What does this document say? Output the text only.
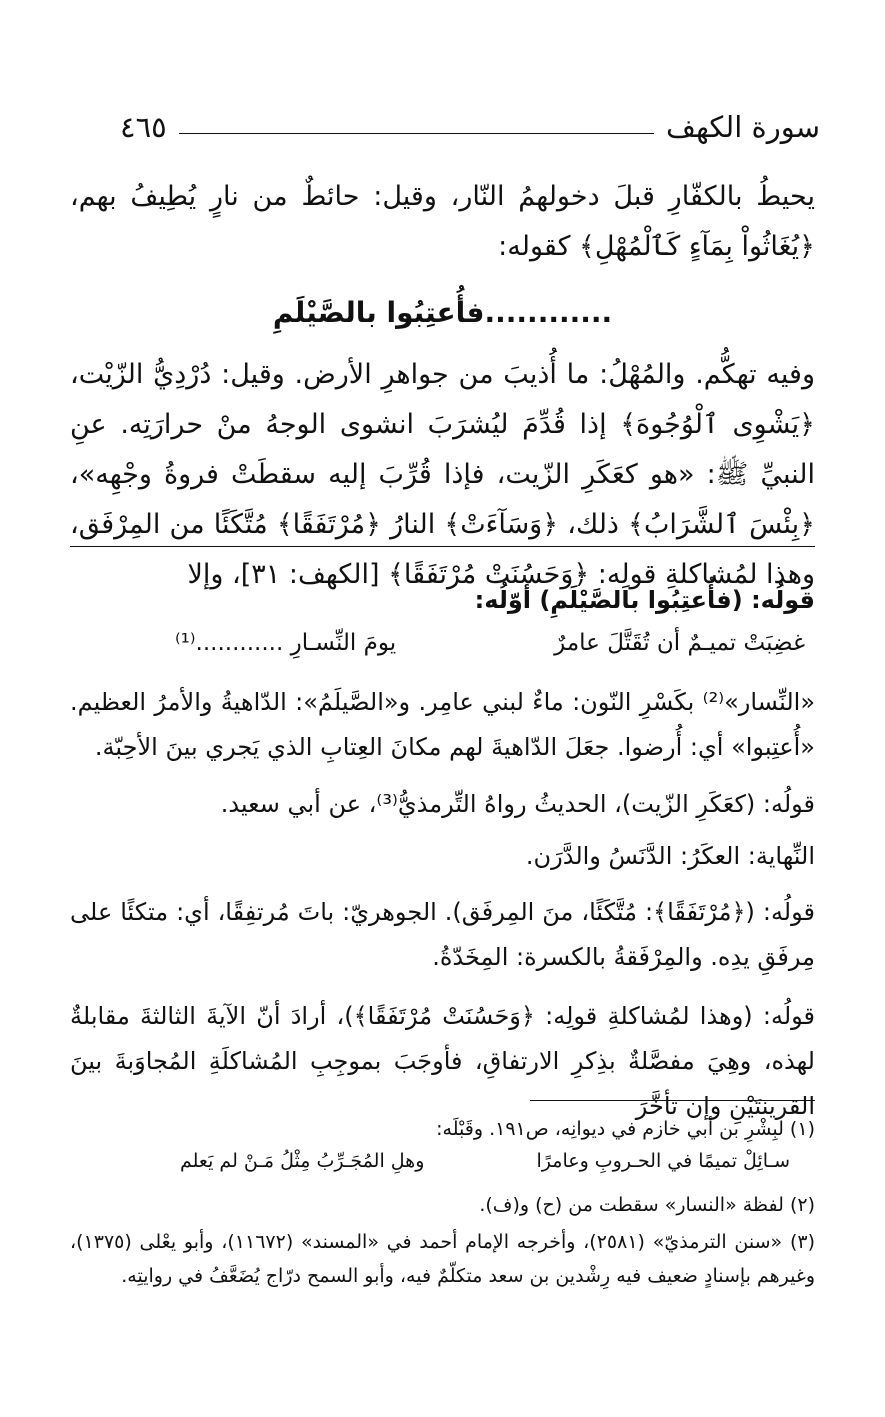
٤٦٥	سورة الكهف
يحيطُ بالكفّارِ قبلَ دخولهمُ النّار، وقيل: حائطٌ من نارٍ يُطِيفُ بهم، ﴿يُغَاثُواْ بِمَآءٍ كَٱلْمُهْلِ﴾ كقوله:
............فأُعتِبُوا بالصَّيْلَمِ
وفيه تهكُّم. والمُهْلُ: ما أُذيبَ من جواهرِ الأرض. وقيل: دُرْدِيُّ الزّيْت، ﴿يَشْوِى ٱلْوُجُوهَ﴾ إذا قُدِّمَ ليُشرَبَ انشوى الوجهُ منْ حرارَتِه. عنِ النبيِّ ﷺ: «هو كعَكَرِ الزّيت، فإذا قُرِّبَ إليه سقطَتْ فروةُ وجْهِه»، ﴿بِئْسَ ٱلشَّرَابُ﴾ ذلك، ﴿وَسَآءَتْ﴾ النارُ ﴿مُرْتَفَقًا﴾ مُتَّكَئًا من المِرْفَق، وهذا لمُشاكلةِ قولِه: ﴿وَحَسُنَتْ مُرْتَفَقًا﴾ [الكهف: ٣١]، وإلا
قولُه: (فأُعتِبُوا بالصَّيْلَمِ) أوّلُه:
غضِبَتْ تميـمٌ أن تُقَتَّلَ عامرٌ
يومَ النِّسـارِ ............⁽¹⁾
«النِّسار»⁽²⁾ بكَسْرِ النّون: ماءٌ لبني عامِر. و«الصَّيلَمُ»: الدّاهيةُ والأمرُ العظيم. «أُعتِبوا» أي: أُرضوا. جعَلَ الدّاهيةَ لهم مكانَ العِتابِ الذي يَجري بينَ الأحِبّة.
قولُه: (كعَكَرِ الزّيت)، الحديثُ رواهُ التِّرمذيُّ⁽³⁾، عن أبي سعيد.
النِّهاية: العكَرُ: الدَّنَسُ والدَّرَن.
قولُه: (﴿مُرْتَفَقًا﴾: مُتَّكَئًا، منَ المِرفَق). الجوهريّ: باتَ مُرتفِقًا، أي: متكئًا على مِرفَقِ يدِه. والمِرْفَقةُ بالكسرة: المِخَدّةُ.
قولُه: (وهذا لمُشاكلةِ قولِه: ﴿وَحَسُنَتْ مُرْتَفَقًا﴾)، أرادَ أنّ الآيةَ الثالثةَ مقابلةٌ لهذه، وهِيَ مفصَّلةٌ بذِكرِ الارتفاقِ، فأوجَبَ بموجِبِ المُشاكلَةِ المُجاوَبةَ بينَ القرينتَيْنِ وإن تأخَّرَ
(١) لبِشْرِ بن أبي خازم في ديوانِه، ص١٩١. وقَبْلَه:
سـائِلْ تميمًا في الحـروبِ وعامرًا
وهلِ المُجَـرِّبُ مِثْلُ مَـنْ لم يَعلم
(٢) لفظة «النسار» سقطت من (ح) و(ف).
(٣) «سنن الترمذيّ» (٢٥٨١)، وأخرجه الإمام أحمد في «المسند» (١١٦٧٢)، وأبو يعْلى (١٣٧٥)، وغيرهم بإسنادٍ ضعيف فيه رِشْدين بن سعد متكلّمٌ فيه، وأبو السمح درّاج يُضَعَّفُ في روايتِه.
